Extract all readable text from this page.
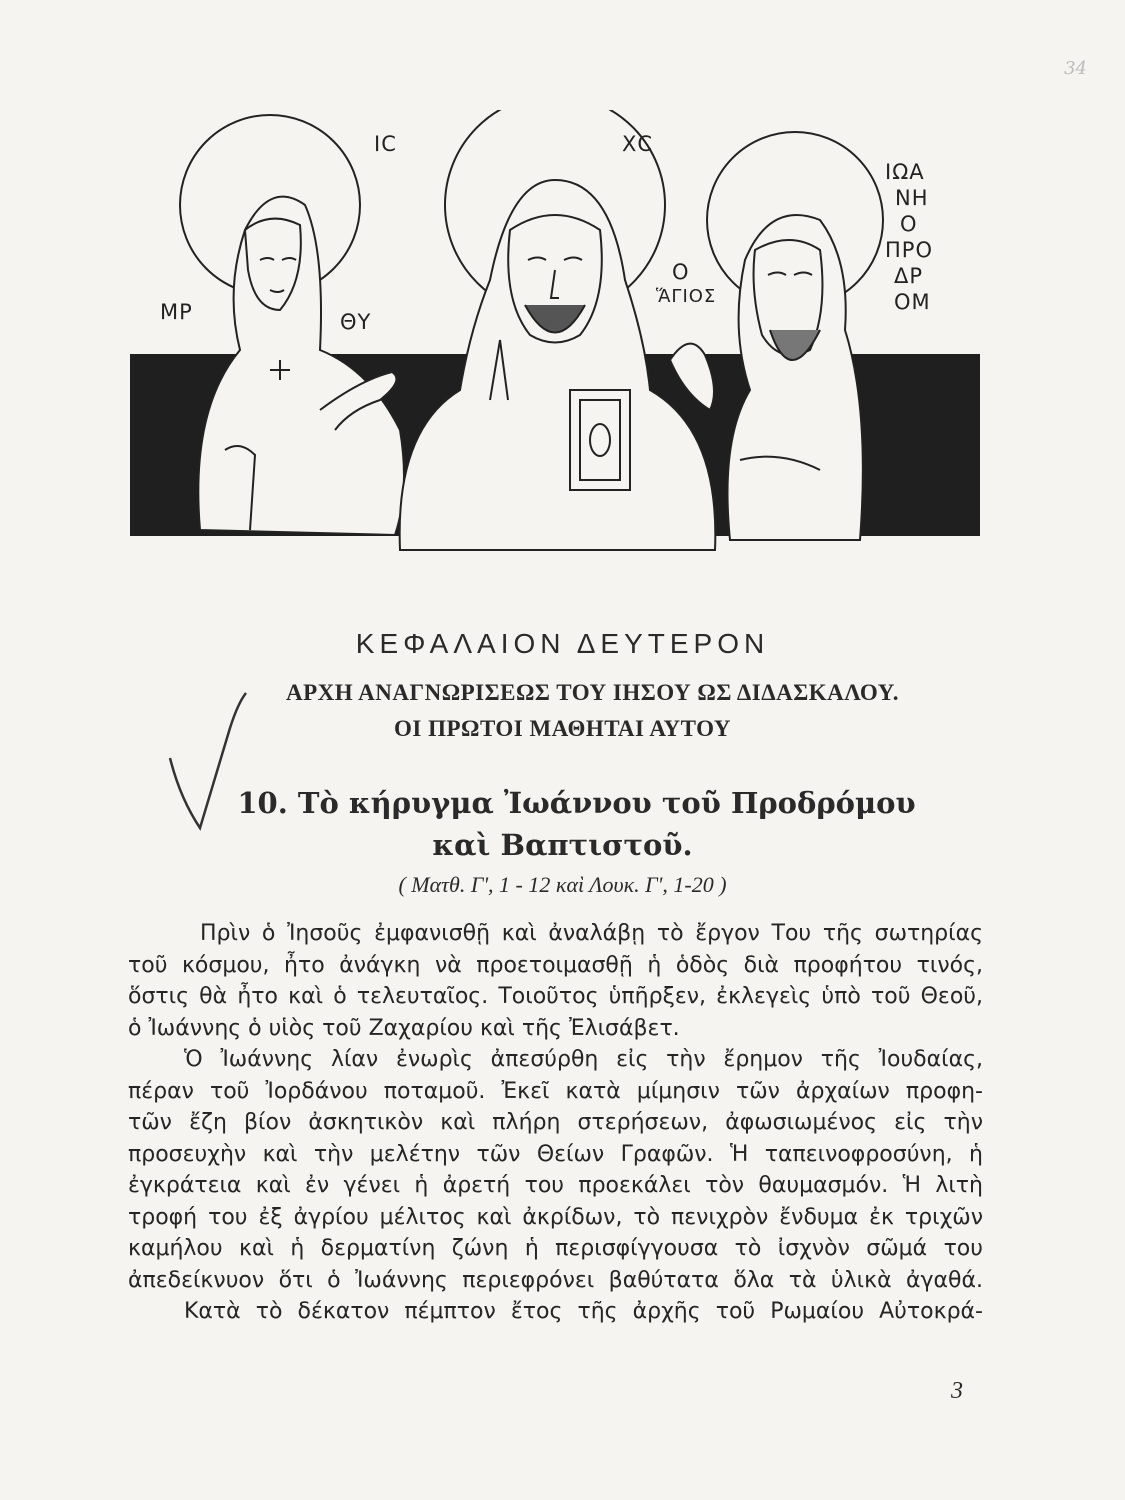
34
ΜΡ	ΘΥ
ΙC	ΧC
Ο
ἍΓΙΟΣ
ΙΩΑ
ΝΗ
Ο
ΠΡΟ
ΔΡ
ΟΜ
ΚΕΦΑΛΑΙΟΝ ΔΕΥΤΕΡΟΝ
ΑΡΧΗ ΑΝΑΓΝΩΡΙΣΕΩΣ ΤΟΥ ΙΗΣΟΥ ΩΣ ΔΙΔΑΣΚΑΛΟΥ.
ΟΙ ΠΡΩΤΟΙ ΜΑΘΗΤΑΙ ΑΥΤΟΥ
10. Τὸ κήρυγμα Ἰωάννου τοῦ Προδρόμου
καὶ Βαπτιστοῦ.
( Ματθ. Γ', 1 - 12 καὶ Λουκ. Γ', 1-20 )

Πρὶν ὁ Ἰησοῦς ἐμφανισθῇ καὶ ἀναλάβῃ τὸ ἔργον Του τῆς σωτηρίας
τοῦ κόσμου, ἦτο ἀνάγκη νὰ προετοιμασθῇ ἡ ὁδὸς διὰ προφήτου τινός,
ὅστις θὰ ἦτο καὶ ὁ τελευταῖος. Τοιοῦτος ὑπῆρξεν, ἐκλεγεὶς ὑπὸ τοῦ Θεοῦ,
ὁ Ἰωάννης ὁ υἱὸς τοῦ Ζαχαρίου καὶ τῆς Ἐλισάβετ.

Ὁ Ἰωάννης λίαν ἐνωρὶς ἀπεσύρθη εἰς τὴν ἔρημον τῆς Ἰουδαίας,
πέραν τοῦ Ἰορδάνου ποταμοῦ. Ἐκεῖ κατὰ μίμησιν τῶν ἀρχαίων προφη-
τῶν ἔζη βίον ἀσκητικὸν καὶ πλήρη στερήσεων, ἀφωσιωμένος εἰς τὴν
προσευχὴν καὶ τὴν μελέτην τῶν Θείων Γραφῶν. Ἡ ταπεινοφροσύνη, ἡ
ἐγκράτεια καὶ ἐν γένει ἡ ἀρετή του προεκάλει τὸν θαυμασμόν. Ἡ λιτὴ
τροφή του ἐξ ἀγρίου μέλιτος καὶ ἀκρίδων, τὸ πενιχρὸν ἔνδυμα ἐκ τριχῶν
καμήλου καὶ ἡ δερματίνη ζώνη ἡ περισφίγγουσα τὸ ἰσχνὸν σῶμά του
ἀπεδείκνυον ὅτι ὁ Ἰωάννης περιεφρόνει βαθύτατα ὅλα τὰ ὑλικὰ ἀγαθά.

Κατὰ τὸ δέκατον πέμπτον ἔτος τῆς ἀρχῆς τοῦ Ρωμαίου Αὐτοκρά-

3
